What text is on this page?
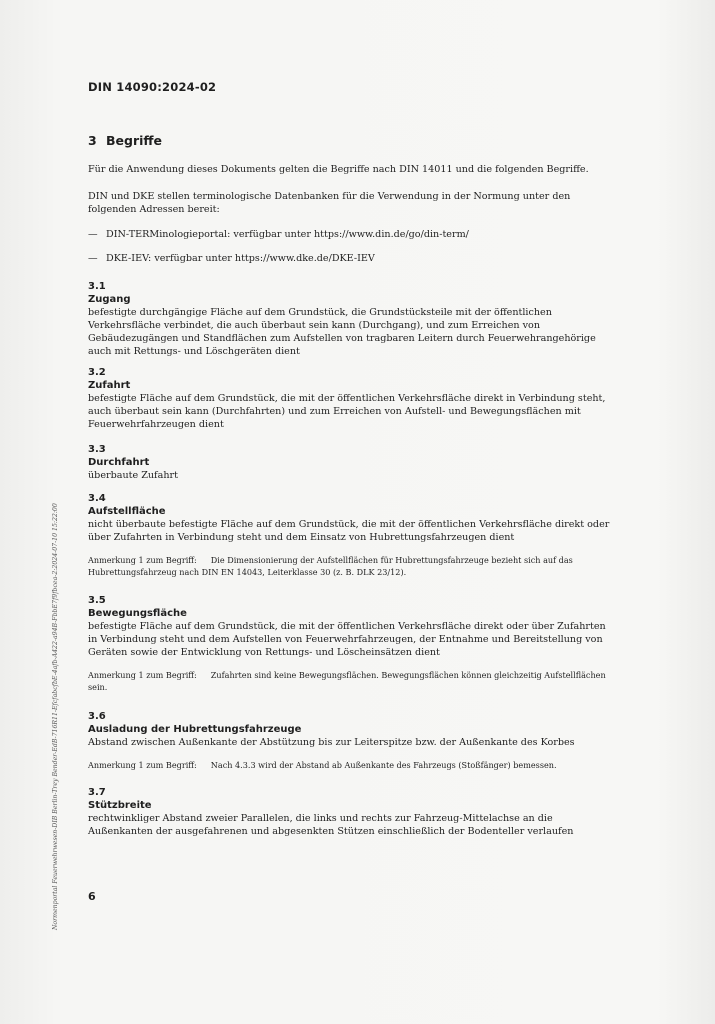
DIN 14090:2024-02
3 Begriffe
Für die Anwendung dieses Dokuments gelten die Begriffe nach DIN 14011 und die folgenden Begriffe.
DIN und DKE stellen terminologische Datenbanken für die Verwendung in der Normung unter den folgenden Adressen bereit:
— DIN-TERMinologieportal: verfügbar unter https://www.din.de/go/din-term/
— DKE-IEV: verfügbar unter https://www.dke.de/DKE-IEV
3.1
Zugang
befestigte durchgängige Fläche auf dem Grundstück, die Grundstücksteile mit der öffentlichen Verkehrsfläche verbindet, die auch überbaut sein kann (Durchgang), und zum Erreichen von Gebäudezugängen und Standflächen zum Aufstellen von tragbaren Leitern durch Feuerwehrangehörige auch mit Rettungs- und Löschgeräten dient
3.2
Zufahrt
befestigte Fläche auf dem Grundstück, die mit der öffentlichen Verkehrsfläche direkt in Verbindung steht, auch überbaut sein kann (Durchfahrten) und zum Erreichen von Aufstell- und Bewegungsflächen mit Feuerwehrfahrzeugen dient
3.3
Durchfahrt
überbaute Zufahrt
3.4
Aufstellfläche
nicht überbaute befestigte Fläche auf dem Grundstück, die mit der öffentlichen Verkehrsfläche direkt oder über Zufahrten in Verbindung steht und dem Einsatz von Hubrettungsfahrzeugen dient
Anmerkung 1 zum Begriff: Die Dimensionierung der Aufstellflächen für Hubrettungsfahrzeuge bezieht sich auf das Hubrettungsfahrzeug nach DIN EN 14043, Leiterklasse 30 (z. B. DLK 23/12).
3.5
Bewegungsfläche
befestigte Fläche auf dem Grundstück, die mit der öffentlichen Verkehrsfläche direkt oder über Zufahrten in Verbindung steht und dem Aufstellen von Feuerwehrfahrzeugen, der Entnahme und Bereitstellung von Geräten sowie der Entwicklung von Rettungs- und Löscheinsätzen dient
Anmerkung 1 zum Begriff: Zufahrten sind keine Bewegungsflächen. Bewegungsflächen können gleichzeitig Aufstellflächen sein.
3.6
Ausladung der Hubrettungsfahrzeuge
Abstand zwischen Außenkante der Abstützung bis zur Leiterspitze bzw. der Außenkante des Korbes
Anmerkung 1 zum Begriff: Nach 4.3.3 wird der Abstand ab Außenkante des Fahrzeugs (Stoßfänger) bemessen.
3.7
Stützbreite
rechtwinkliger Abstand zweier Parallelen, die links und rechts zur Fahrzeug-Mittelachse an die Außenkanten der ausgefahrenen und abgesenkten Stützen einschließlich der Bodenteller verlaufen
6
Normenportal Feuerwehrwesen-DIB Berlin-Trey Bender-EdB-716R11-EfcfabcfbE-4afb-A422-a94B-FbbE7f9fbcea-2:2024-07-10 15:22:00
